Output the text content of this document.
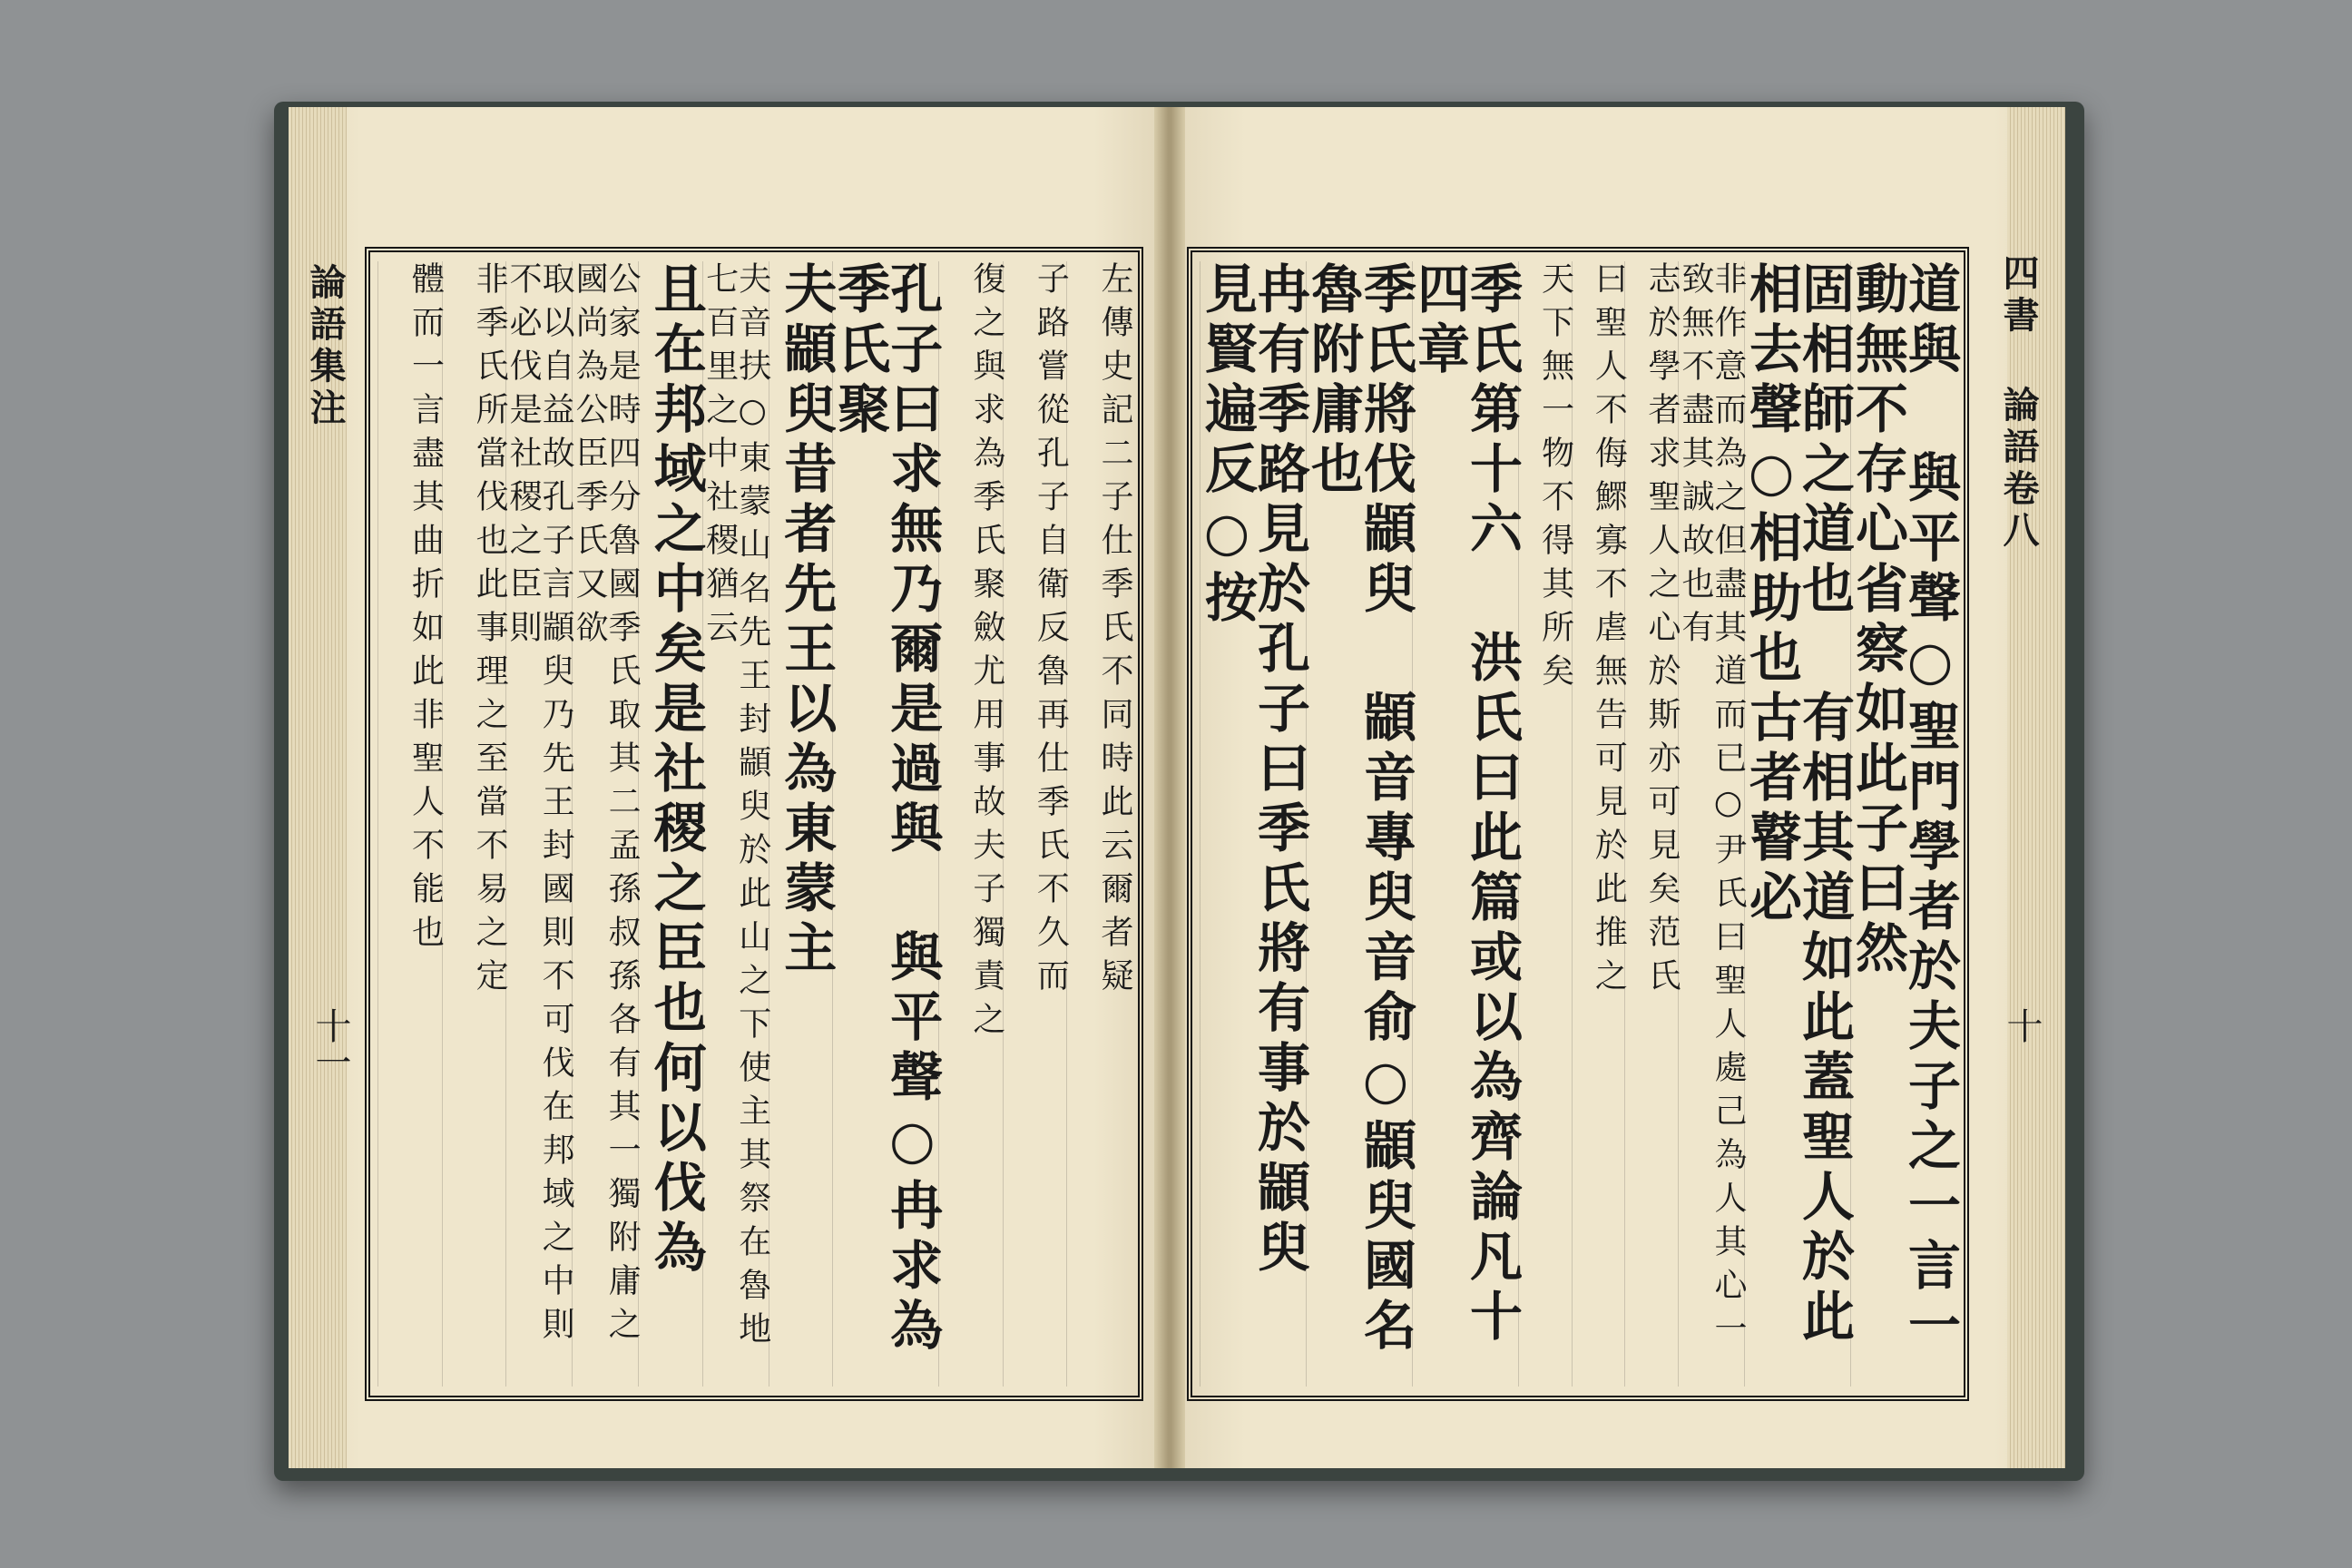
四書 論語卷八
十
論語集注
十一	道與 與平聲○聖門學者於夫子之一言一動無不存心省察如此子曰然
固相師之道也 有相其道如此蓋聖人於此相去聲○相助也古者瞽必
非作意而為之但盡其道而已○尹氏曰聖人處己為人其心一致無不盡其誠故也有
志於學者求聖人之心於斯亦可見矣范氏
曰聖人不侮鰥寡不虐無告可見於此推之
天下無一物不得其所矣
季氏第十六 洪氏曰此篇或以為齊論凡十四章
季氏將伐顓臾 顓音專臾音俞○顓臾國名魯附庸也
冉有季路見於孔子曰季氏將有事於顓臾 見賢遍反○按
左傳史記二子仕季氏不同時此云爾者疑
子路嘗從孔子自衛反魯再仕季氏不久而
復之與求為季氏聚斂尤用事故夫子獨責之
孔子曰求無乃爾是過與 與平聲○冉求為季氏聚
夫顓臾昔者先王以為東蒙主
夫音扶○東蒙山名先王封顓臾於此山之下使主其祭在魯地七百里之中社稷猶云
且在邦域之中矣是社稷之臣也何以伐為
公家是時四分魯國季氏取其二孟孫叔孫各有其一獨附庸之國尚為公臣季氏又欲
取以自益故孔子言顓臾乃先王封國則不可伐在邦域之中則不必伐是社稷之臣則
非季氏所當伐也此事理之至當不易之定
體而一言盡其曲折如此非聖人不能也
